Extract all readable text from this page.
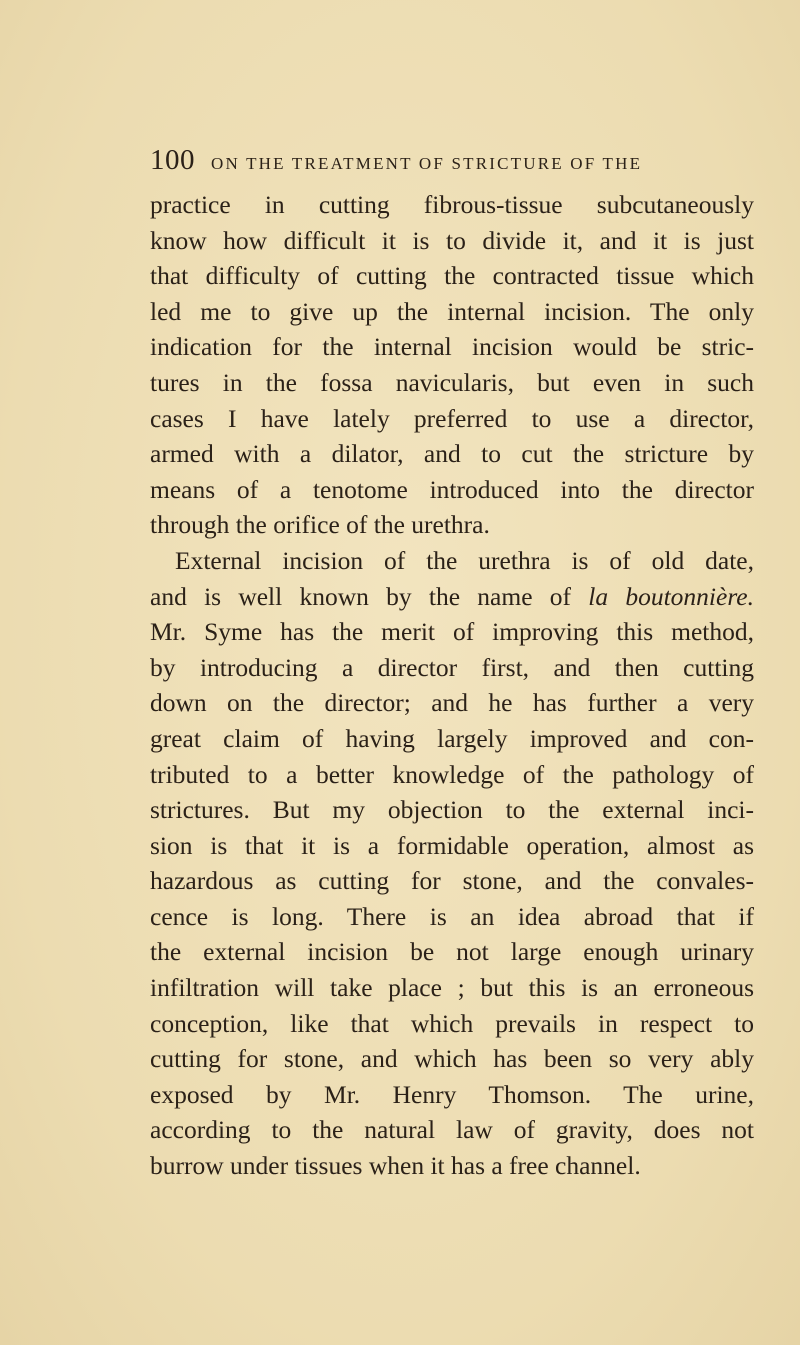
100 ON THE TREATMENT OF STRICTURE OF THE
practice in cutting fibrous-tissue subcutaneously
know how difficult it is to divide it, and it is just
that difficulty of cutting the contracted tissue which
led me to give up the internal incision. The only
indication for the internal incision would be stric-
tures in the fossa navicularis, but even in such
cases I have lately preferred to use a director,
armed with a dilator, and to cut the stricture by
means of a tenotome introduced into the director
through the orifice of the urethra.
External incision of the urethra is of old date,
and is well known by the name of la boutonnière.
Mr. Syme has the merit of improving this method,
by introducing a director first, and then cutting
down on the director; and he has further a very
great claim of having largely improved and con-
tributed to a better knowledge of the pathology of
strictures. But my objection to the external inci-
sion is that it is a formidable operation, almost as
hazardous as cutting for stone, and the convales-
cence is long. There is an idea abroad that if
the external incision be not large enough urinary
infiltration will take place ; but this is an erroneous
conception, like that which prevails in respect to
cutting for stone, and which has been so very ably
exposed by Mr. Henry Thomson. The urine,
according to the natural law of gravity, does not
burrow under tissues when it has a free channel.
